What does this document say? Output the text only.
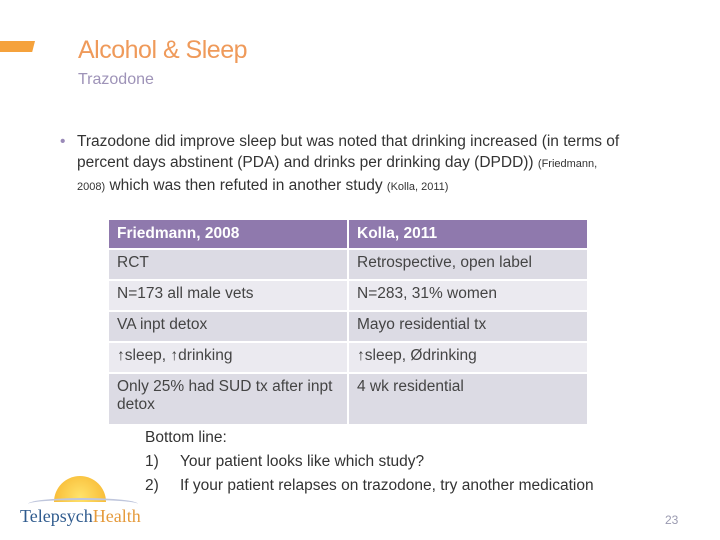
Alcohol & Sleep
Trazodone
• Trazodone did improve sleep but was noted that drinking increased (in terms of percent days abstinent (PDA) and drinks per drinking day (DPDD)) (Friedmann, 2008) which was then refuted in another study (Kolla, 2011)
Friedmann, 2008	Kolla, 2011
RCT	Retrospective, open label
N=173 all male vets	N=283, 31% women
VA inpt detox	Mayo residential tx
↑sleep, ↑drinking	↑sleep, Ødrinking
Only 25% had SUD tx after inpt detox	4 wk residential
Bottom line:
1) Your patient looks like which study?
2) If your patient relapses on trazodone, try another medication
TelepsychHealth	23
